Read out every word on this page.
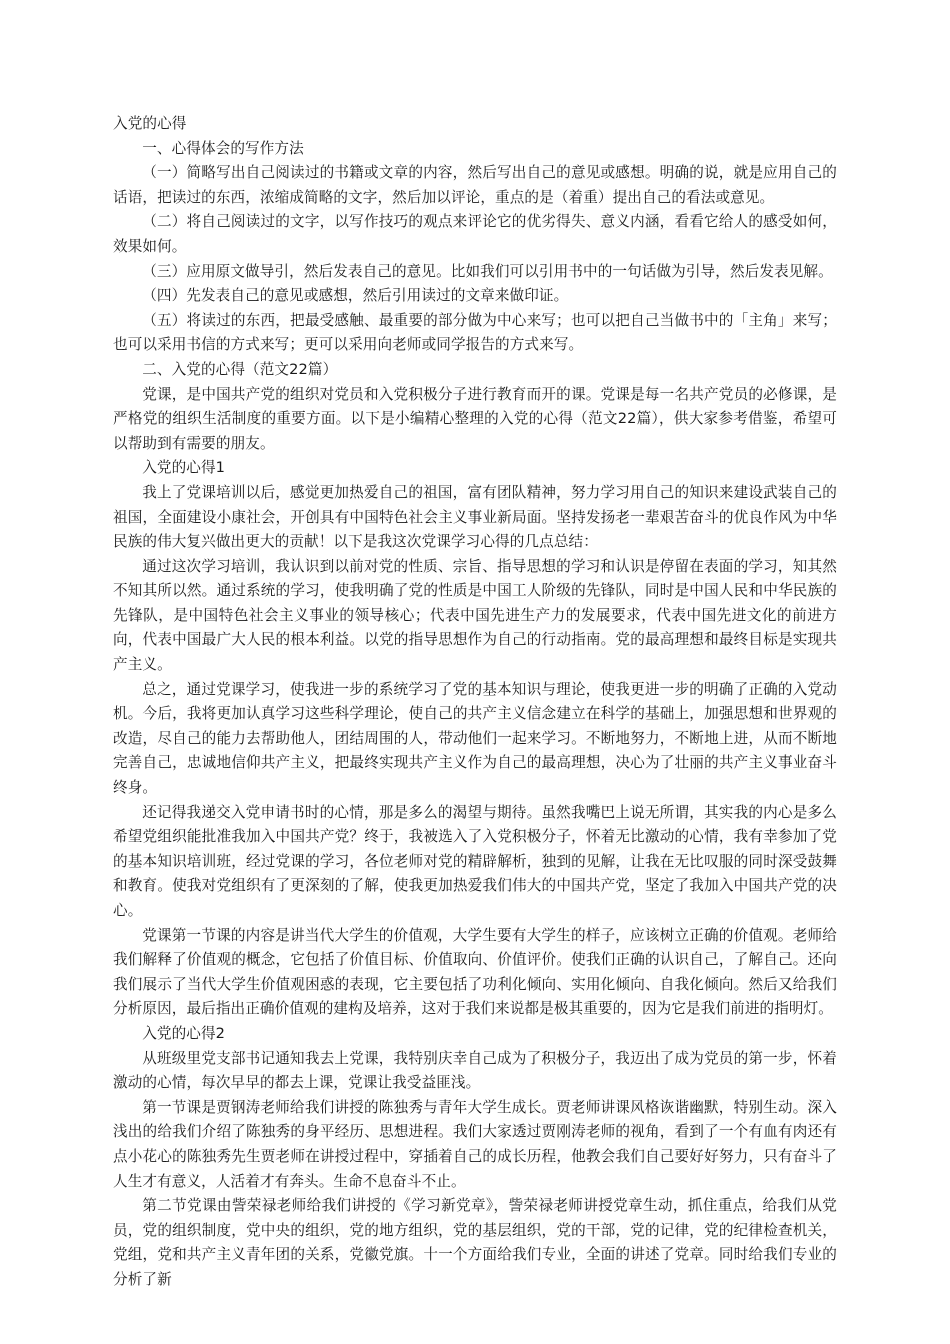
入党的心得

一、心得体会的写作方法

（一）简略写出自己阅读过的书籍或文章的内容，然后写出自己的意见或感想。明确的说，就是应用自己的话语，把读过的东西，浓缩成简略的文字，然后加以评论，重点的是（着重）提出自己的看法或意见。

（二）将自己阅读过的文字，以写作技巧的观点来评论它的优劣得失、意义内涵，看看它给人的感受如何，效果如何。

（三）应用原文做导引，然后发表自己的意见。比如我们可以引用书中的一句话做为引导，然后发表见解。

（四）先发表自己的意见或感想，然后引用读过的文章来做印证。

（五）将读过的东西，把最受感触、最重要的部分做为中心来写；也可以把自己当做书中的「主角」来写；也可以采用书信的方式来写；更可以采用向老师或同学报告的方式来写。

二、入党的心得（范文22篇）

党课，是中国共产党的组织对党员和入党积极分子进行教育而开的课。党课是每一名共产党员的必修课，是严格党的组织生活制度的重要方面。以下是小编精心整理的入党的心得（范文22篇），供大家参考借鉴，希望可以帮助到有需要的朋友。

入党的心得1

我上了党课培训以后，感觉更加热爱自己的祖国，富有团队精神，努力学习用自己的知识来建设武装自己的祖国，全面建设小康社会，开创具有中国特色社会主义事业新局面。坚持发扬老一辈艰苦奋斗的优良作风为中华民族的伟大复兴做出更大的贡献！以下是我这次党课学习心得的几点总结：

通过这次学习培训，我认识到以前对党的性质、宗旨、指导思想的学习和认识是停留在表面的学习，知其然不知其所以然。通过系统的学习，使我明确了党的性质是中国工人阶级的先锋队，同时是中国人民和中华民族的先锋队，是中国特色社会主义事业的领导核心；代表中国先进生产力的发展要求，代表中国先进文化的前进方向，代表中国最广大人民的根本利益。以党的指导思想作为自己的行动指南。党的最高理想和最终目标是实现共产主义。

总之，通过党课学习，使我进一步的系统学习了党的基本知识与理论，使我更进一步的明确了正确的入党动机。今后，我将更加认真学习这些科学理论，使自己的共产主义信念建立在科学的基础上，加强思想和世界观的改造，尽自己的能力去帮助他人，团结周围的人，带动他们一起来学习。不断地努力，不断地上进，从而不断地完善自己，忠诚地信仰共产主义，把最终实现共产主义作为自己的最高理想，决心为了壮丽的共产主义事业奋斗终身。

还记得我递交入党申请书时的心情，那是多么的渴望与期待。虽然我嘴巴上说无所谓，其实我的内心是多么希望党组织能批准我加入中国共产党？终于，我被选入了入党积极分子，怀着无比激动的心情，我有幸参加了党的基本知识培训班，经过党课的学习，各位老师对党的精辟解析，独到的见解，让我在无比叹服的同时深受鼓舞和教育。使我对党组织有了更深刻的了解，使我更加热爱我们伟大的中国共产党，坚定了我加入中国共产党的决心。

党课第一节课的内容是讲当代大学生的价值观，大学生要有大学生的样子，应该树立正确的价值观。老师给我们解释了价值观的概念，它包括了价值目标、价值取向、价值评价。使我们正确的认识自己，了解自己。还向我们展示了当代大学生价值观困惑的表现，它主要包括了功利化倾向、实用化倾向、自我化倾向。然后又给我们分析原因，最后指出正确价值观的建构及培养，这对于我们来说都是极其重要的，因为它是我们前进的指明灯。

入党的心得2

从班级里党支部书记通知我去上党课，我特别庆幸自己成为了积极分子，我迈出了成为党员的第一步，怀着激动的心情，每次早早的都去上课，党课让我受益匪浅。

第一节课是贾钢涛老师给我们讲授的陈独秀与青年大学生成长。贾老师讲课风格诙谐幽默，特别生动。深入浅出的给我们介绍了陈独秀的身平经历、思想进程。我们大家透过贾刚涛老师的视角，看到了一个有血有肉还有点小花心的陈独秀先生贾老师在讲授过程中，穿插着自己的成长历程，他教会我们自己要好好努力，只有奋斗了人生才有意义，人活着才有奔头。生命不息奋斗不止。

第二节党课由訾荣禄老师给我们讲授的《学习新党章》，訾荣禄老师讲授党章生动，抓住重点，给我们从党员，党的组织制度，党中央的组织，党的地方组织，党的基层组织，党的干部，党的记律，党的纪律检查机关，党组，党和共产主义青年团的关系，党徽党旗。十一个方面给我们专业，全面的讲述了党章。同时给我们专业的分析了新
